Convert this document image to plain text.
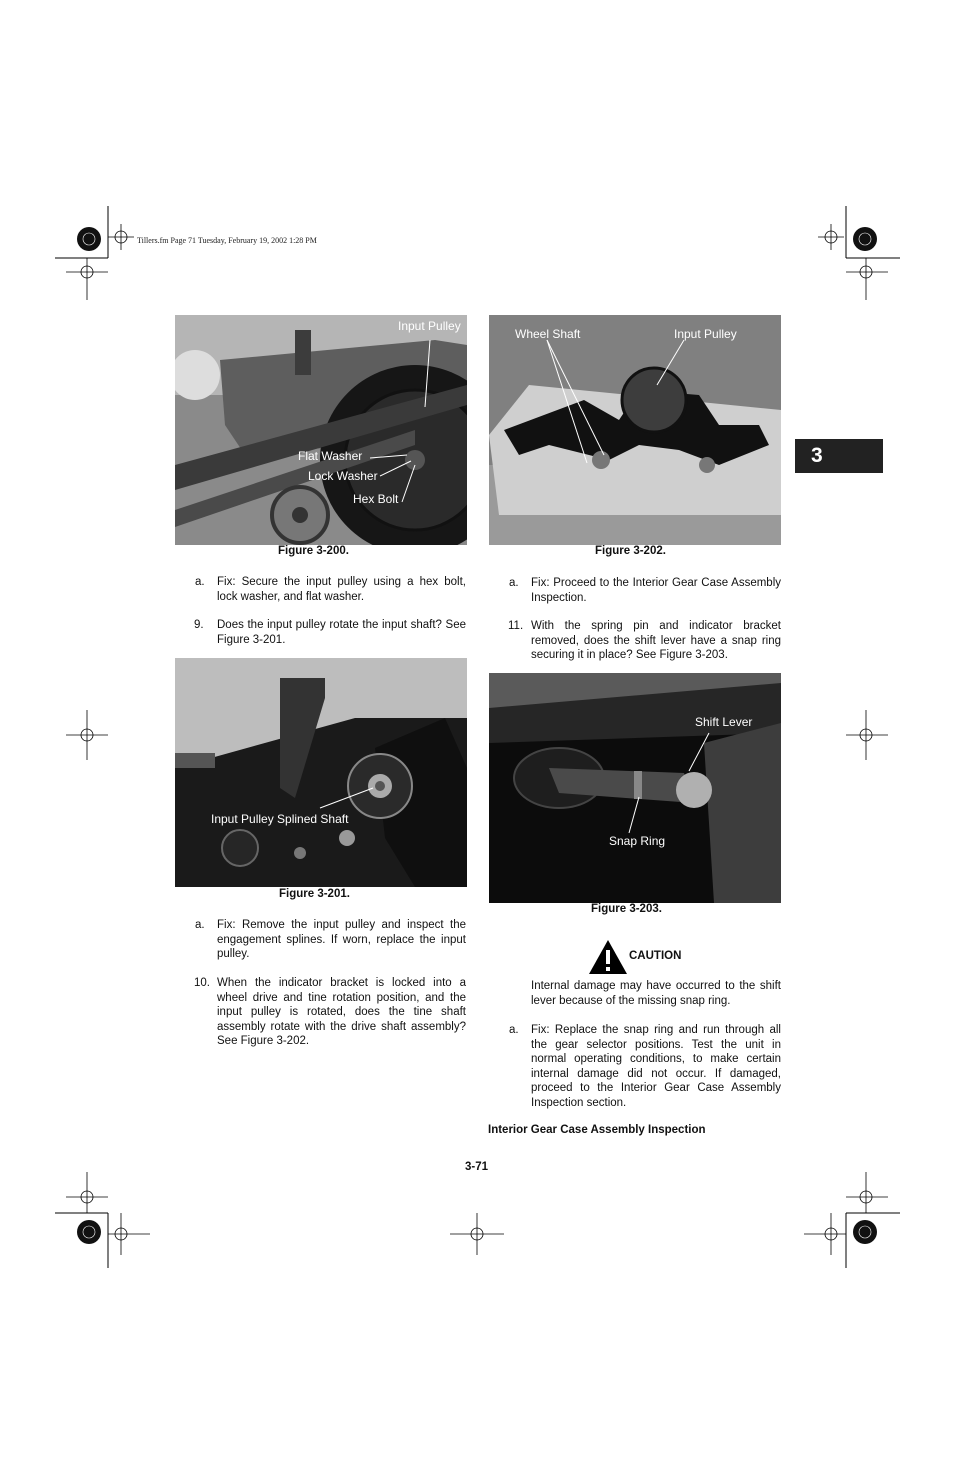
Tillers.fm Page 71 Tuesday, February 19, 2002 1:28 PM
3
Input Pulley
Flat Washer
Lock Washer
Hex Bolt
Figure 3-200.
Wheel Shaft	Input Pulley
Figure 3-202.
a. Fix: Secure the input pulley using a hex bolt, lock washer, and flat washer.
9. Does the input pulley rotate the input shaft? See Figure 3-201.
Input Pulley Splined Shaft
Figure 3-201.
a. Fix: Remove the input pulley and inspect the engagement splines. If worn, replace the input pulley.
10. When the indicator bracket is locked into a wheel drive and tine rotation position, and the input pulley is rotated, does the tine shaft assembly rotate with the drive shaft assembly? See Figure 3-202.
a. Fix: Proceed to the Interior Gear Case Assembly Inspection.
11. With the spring pin and indicator bracket removed, does the shift lever have a snap ring securing it in place? See Figure 3-203.
Shift Lever
Snap Ring
Figure 3-203.
CAUTION
Internal damage may have occurred to the shift lever because of the missing snap ring.
a. Fix: Replace the snap ring and run through all the gear selector positions. Test the unit in normal operating conditions, to make certain internal damage did not occur. If damaged, proceed to the Interior Gear Case Assembly Inspection section.
Interior Gear Case Assembly Inspection
3-71
